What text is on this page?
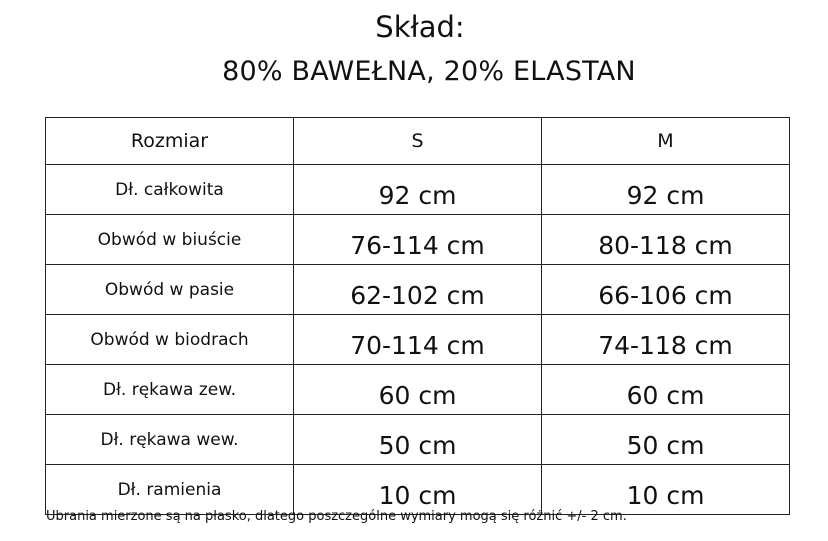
Skład:
80% BAWEŁNA, 20% ELASTAN
Rozmiar	S	M
Dł. całkowita	92 cm	92 cm
Obwód w biuście	76-114 cm	80-118 cm
Obwód w pasie	62-102 cm	66-106 cm
Obwód w biodrach	70-114 cm	74-118 cm
Dł. rękawa zew.	60 cm	60 cm
Dł. rękawa wew.	50 cm	50 cm
Dł. ramienia	10 cm	10 cm
Ubrania mierzone są na płasko, dlatego poszczególne wymiary mogą się różnić +/- 2 cm.
